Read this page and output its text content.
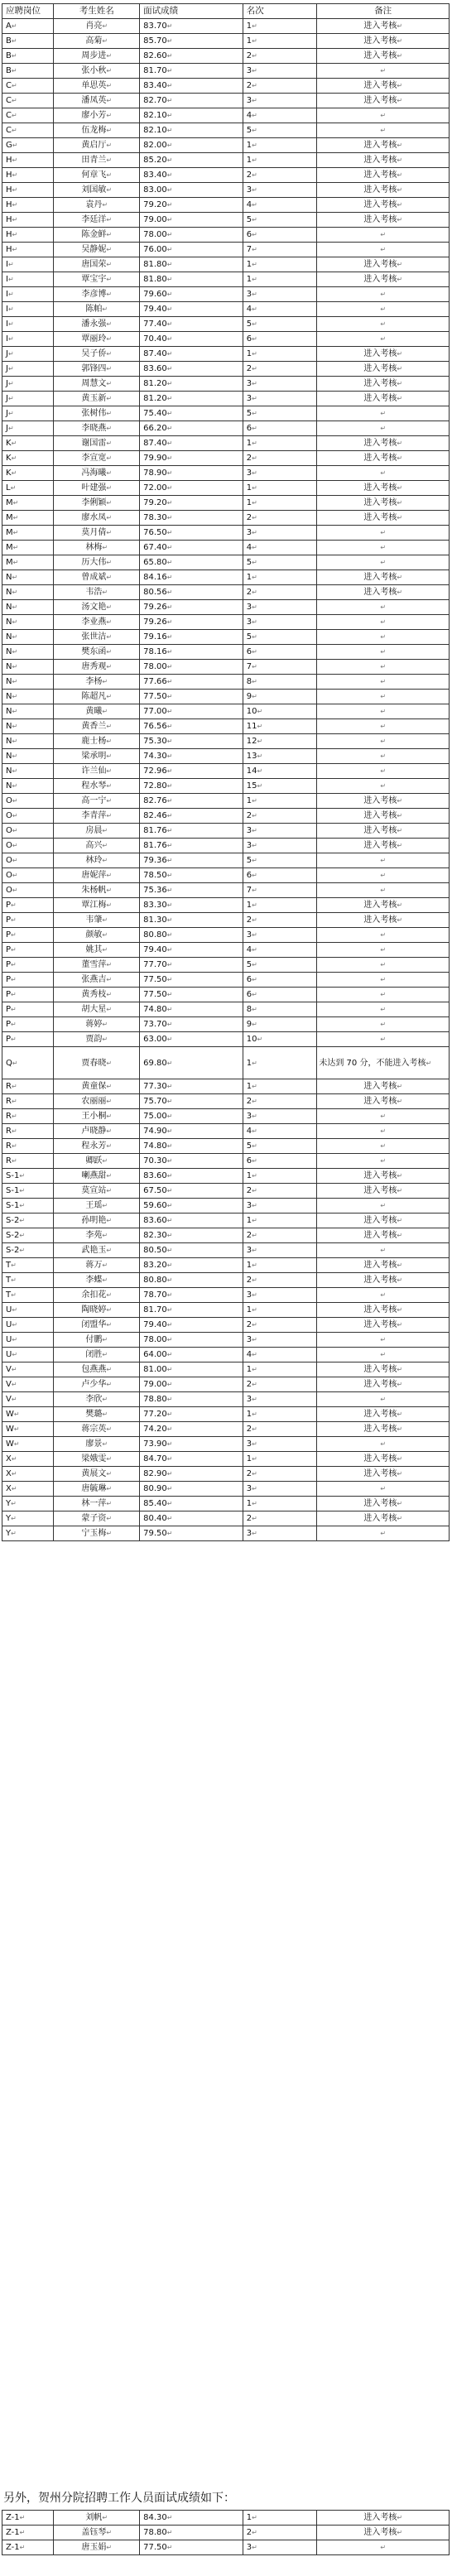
应聘岗位	考生姓名	面试成绩	名次	备注
A↵	肖亮↵	83.70↵	1↵	进入考核↵
B↵	高菊↵	85.70↵	1↵	进入考核↵
B↵	周步进↵	82.60↵	2↵	进入考核↵
B↵	张小秋↵	81.70↵	3↵	↵
C↵	单思英↵	83.40↵	2↵	进入考核↵
C↵	潘凤英↵	82.70↵	3↵	进入考核↵
C↵	廖小芳↵	82.10↵	4↵	↵
C↵	伍龙梅↵	82.10↵	5↵	↵
G↵	黄启厅↵	82.00↵	1↵	进入考核↵
H↵	田青兰↵	85.20↵	1↵	进入考核↵
H↵	何章飞↵	83.40↵	2↵	进入考核↵
H↵	刘国敏↵	83.00↵	3↵	进入考核↵
H↵	袁丹↵	79.20↵	4↵	进入考核↵
H↵	李廷洋↵	79.00↵	5↵	进入考核↵
H↵	陈金鲜↵	78.00↵	6↵	↵
H↵	吴静妮↵	76.00↵	7↵	↵
I↵	唐国荣↵	81.80↵	1↵	进入考核↵
I↵	覃宝宇↵	81.80↵	1↵	进入考核↵
I↵	李彦博↵	79.60↵	3↵	↵
I↵	陈帕↵	79.40↵	4↵	↵
I↵	潘永强↵	77.40↵	5↵	↵
I↵	覃丽玲↵	70.40↵	6↵	↵
J↵	吴子侨↵	87.40↵	1↵	进入考核↵
J↵	郭锋四↵	83.60↵	2↵	进入考核↵
J↵	周慧文↵	81.20↵	3↵	进入考核↵
J↵	黄玉新↵	81.20↵	3↵	进入考核↵
J↵	张树伟↵	75.40↵	5↵	↵
J↵	李晓燕↵	66.20↵	6↵	↵
K↵	谢国雷↵	87.40↵	1↵	进入考核↵
K↵	李宣宽↵	79.90↵	2↵	进入考核↵
K↵	冯海曦↵	78.90↵	3↵	↵
L↵	叶建强↵	72.00↵	1↵	进入考核↵
M↵	李俐颖↵	79.20↵	1↵	进入考核↵
M↵	廖水凤↵	78.30↵	2↵	进入考核↵
M↵	莫月倩↵	76.50↵	3↵	↵
M↵	林梅↵	67.40↵	4↵	↵
M↵	历大伟↵	65.80↵	5↵	↵
N↵	曾成斌↵	84.16↵	1↵	进入考核↵
N↵	韦浩↵	80.56↵	2↵	进入考核↵
N↵	汤文艳↵	79.26↵	3↵	↵
N↵	李业燕↵	79.26↵	3↵	↵
N↵	张世洁↵	79.16↵	5↵	↵
N↵	樊东函↵	78.16↵	6↵	↵
N↵	唐秀观↵	78.00↵	7↵	↵
N↵	李杨↵	77.66↵	8↵	↵
N↵	陈超凡↵	77.50↵	9↵	↵
N↵	黄曦↵	77.00↵	10↵	↵
N↵	黄香兰↵	76.56↵	11↵	↵
N↵	鹿士杨↵	75.30↵	12↵	↵
N↵	梁承明↵	74.30↵	13↵	↵
N↵	许兰仙↵	72.96↵	14↵	↵
N↵	程水琴↵	72.80↵	15↵	↵
O↵	高一宁↵	82.76↵	1↵	进入考核↵
O↵	李青萍↵	82.46↵	2↵	进入考核↵
O↵	房晨↵	81.76↵	3↵	进入考核↵
O↵	高兴↵	81.76↵	3↵	进入考核↵
O↵	林玲↵	79.36↵	5↵	↵
O↵	唐妮萍↵	78.50↵	6↵	↵
O↵	朱杨帆↵	75.36↵	7↵	↵
P↵	覃江梅↵	83.30↵	1↵	进入考核↵
P↵	韦肇↵	81.30↵	2↵	进入考核↵
P↵	颜敏↵	80.80↵	3↵	↵
P↵	姚其↵	79.40↵	4↵	↵
P↵	董雪萍↵	77.70↵	5↵	↵
P↵	张燕吉↵	77.50↵	6↵	↵
P↵	黄秀枝↵	77.50↵	6↵	↵
P↵	胡大星↵	74.80↵	8↵	↵
P↵	蒋婷↵	73.70↵	9↵	↵
P↵	贾韵↵	63.00↵	10↵	↵
Q↵	贾春晓↵	69.80↵	1↵	未达到 70 分，不能进入考核↵
R↵	黄童保↵	77.30↵	1↵	进入考核↵
R↵	农丽丽↵	75.70↵	2↵	进入考核↵
R↵	王小桐↵	75.00↵	3↵	↵
R↵	卢晓静↵	74.90↵	4↵	↵
R↵	程永芳↵	74.80↵	5↵	↵
R↵	卿跃↵	70.30↵	6↵	↵
S-1↵	喇燕甜↵	83.60↵	1↵	进入考核↵
S-1↵	莫宣站↵	67.50↵	2↵	进入考核↵
S-1↵	王瑶↵	59.60↵	3↵	↵
S-2↵	孙明艳↵	83.60↵	1↵	进入考核↵
S-2↵	李苑↵	82.30↵	2↵	进入考核↵
S-2↵	武艳玉↵	80.50↵	3↵	↵
T↵	蒋万↵	83.20↵	1↵	进入考核↵
T↵	李蝶↵	80.80↵	2↵	进入考核↵
T↵	余扣花↵	78.70↵	3↵	↵
U↵	陶晓婷↵	81.70↵	1↵	进入考核↵
U↵	闭盟华↵	79.40↵	2↵	进入考核↵
U↵	付鹏↵	78.00↵	3↵	↵
U↵	闭胜↵	64.00↵	4↵	↵
V↵	包燕燕↵	81.00↵	1↵	进入考核↵
V↵	卢少华↵	79.00↵	2↵	进入考核↵
V↵	李欣↵	78.80↵	3↵	↵
W↵	樊璐↵	77.20↵	1↵	进入考核↵
W↵	蒋宗英↵	74.20↵	2↵	进入考核↵
W↵	廖景↵	73.90↵	3↵	↵
X↵	梁娥雯↵	84.70↵	1↵	进入考核↵
X↵	黄展文↵	82.90↵	2↵	进入考核↵
X↵	唐毓琳↵	80.90↵	3↵	↵
Y↵	林一萍↵	85.40↵	1↵	进入考核↵
Y↵	蒙子资↵	80.40↵	2↵	进入考核↵
Y↵	宁玉梅↵	79.50↵	3↵	↵
另外，贺州分院招聘工作人员面试成绩如下：
Z-1↵	刘帆↵	84.30↵	1↵	进入考核↵
Z-1↵	盖钰琴↵	78.80↵	2↵	进入考核↵
Z-1↵	唐玉娟↵	77.50↵	3↵	↵
